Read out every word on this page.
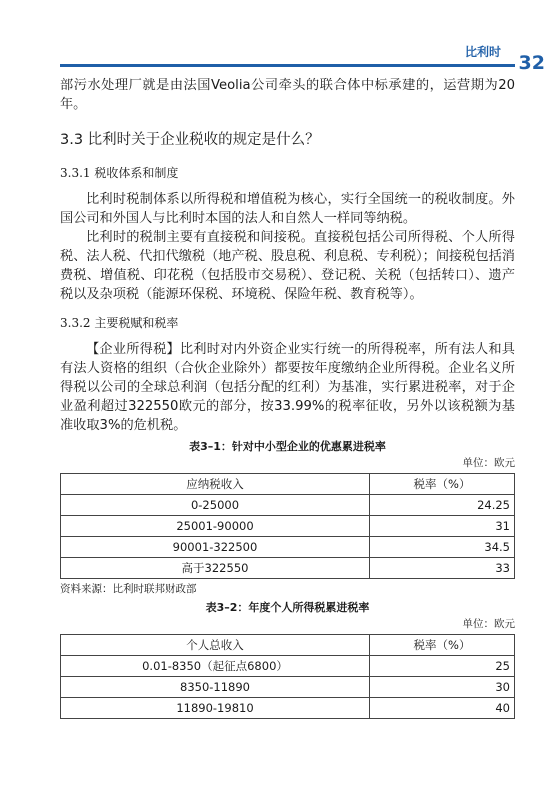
比利时 32

部污水处理厂就是由法国Veolia公司牵头的联合体中标承建的，运营期为20年。

3.3 比利时关于企业税收的规定是什么？
3.3.1 税收体系和制度

比利时税制体系以所得税和增值税为核心，实行全国统一的税收制度。外国公司和外国人与比利时本国的法人和自然人一样同等纳税。

比利时的税制主要有直接税和间接税。直接税包括公司所得税、个人所得税、法人税、代扣代缴税（地产税、股息税、利息税、专利税）；间接税包括消费税、增值税、印花税（包括股市交易税）、登记税、关税（包括转口）、遗产税以及杂项税（能源环保税、环境税、保险年税、教育税等）。

3.3.2 主要税赋和税率

【企业所得税】比利时对内外资企业实行统一的所得税率，所有法人和具有法人资格的组织（合伙企业除外）都要按年度缴纳企业所得税。企业名义所得税以公司的全球总利润（包括分配的红利）为基准，实行累进税率，对于企业盈利超过322550欧元的部分，按33.99%的税率征收，另外以该税额为基准收取3%的危机税。

表3–1：针对中小型企业的优惠累进税率
单位：欧元
应纳税收入	税率（%）
0-25000	24.25
25001-90000	31
90001-322500	34.5
高于322550	33
资料来源：比利时联邦财政部
表3–2：年度个人所得税累进税率
单位：欧元
个人总收入	税率（%）
0.01-8350（起征点6800）	25
8350-11890	30
11890-19810	40
